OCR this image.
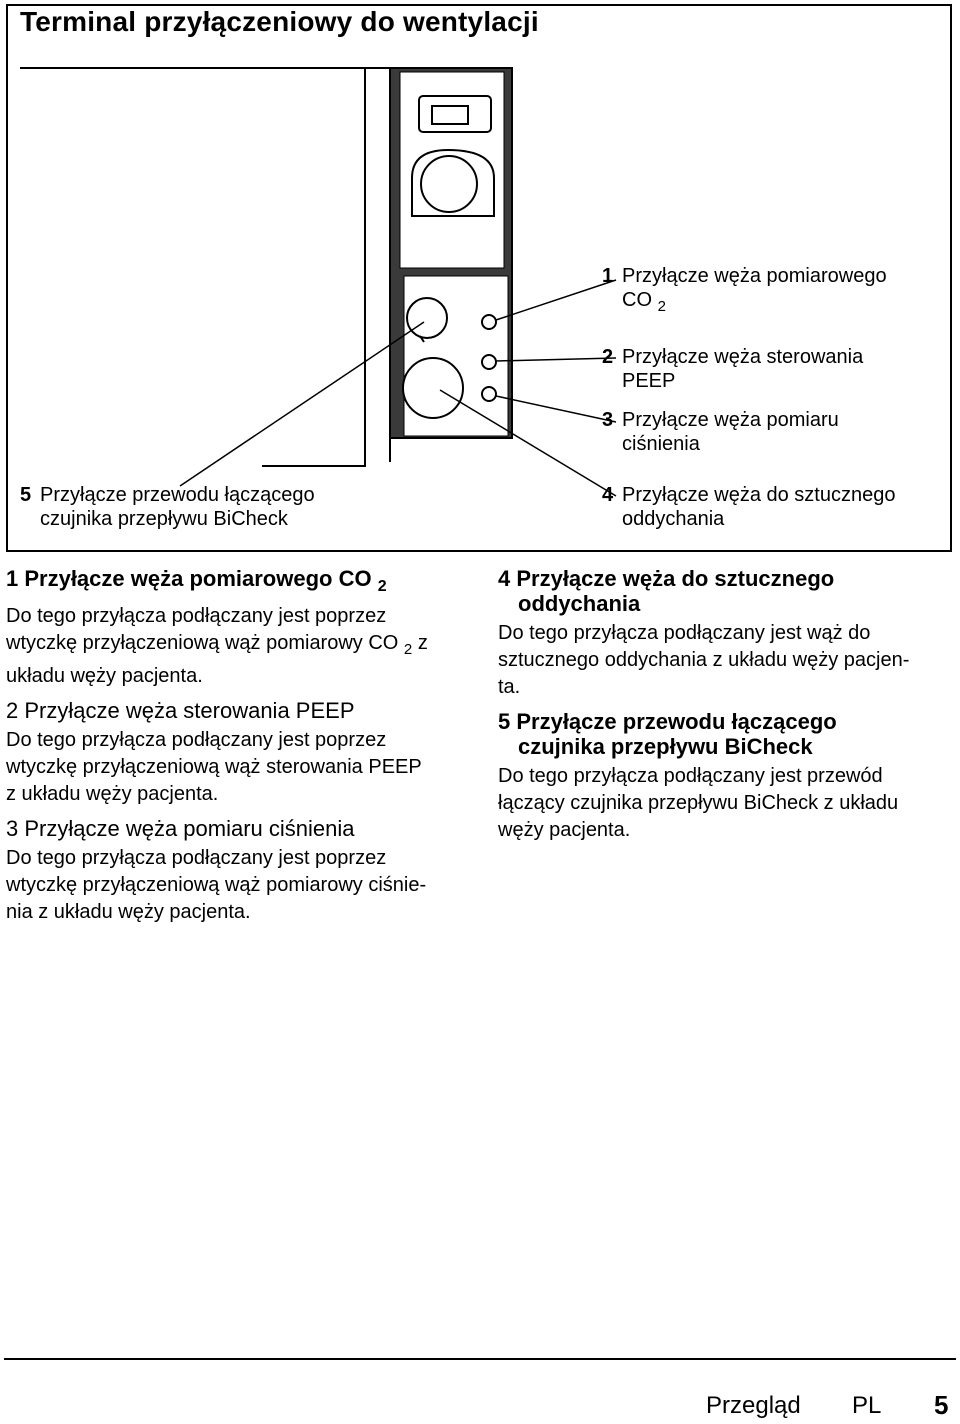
Terminal przyłączeniowy do wentylacji
1 Przyłącze węża pomiarowego
CO $_2$
2 Przyłącze węża sterowania
PEEP
3 Przyłącze węża pomiaru
ciśnienia
4 Przyłącze węża do sztucznego
oddychania
5 Przyłącze przewodu łączącego
czujnika przepływu BiCheck
1 Przyłącze węża pomiarowego CO $_2$
Do tego przyłącza podłączany jest poprzez
wtyczkę przyłączeniową wąż pomiarowy CO $_2$ z
układu węży pacjenta.
2 Przyłącze węża sterowania PEEP
Do tego przyłącza podłączany jest poprzez
wtyczkę przyłączeniową wąż sterowania PEEP
z układu węży pacjenta.
3 Przyłącze węża pomiaru ciśnienia
Do tego przyłącza podłączany jest poprzez
wtyczkę przyłączeniową wąż pomiarowy ciśnie-
nia z układu węży pacjenta.
4 Przyłącze węża do sztucznego
oddychania
Do tego przyłącza podłączany jest wąż do
sztucznego oddychania z układu węży pacjen-
ta.
5 Przyłącze przewodu łączącego
czujnika przepływu BiCheck
Do tego przyłącza podłączany jest przewód
łączący czujnika przepływu BiCheck z układu
węży pacjenta.
Przegląd PL 5
